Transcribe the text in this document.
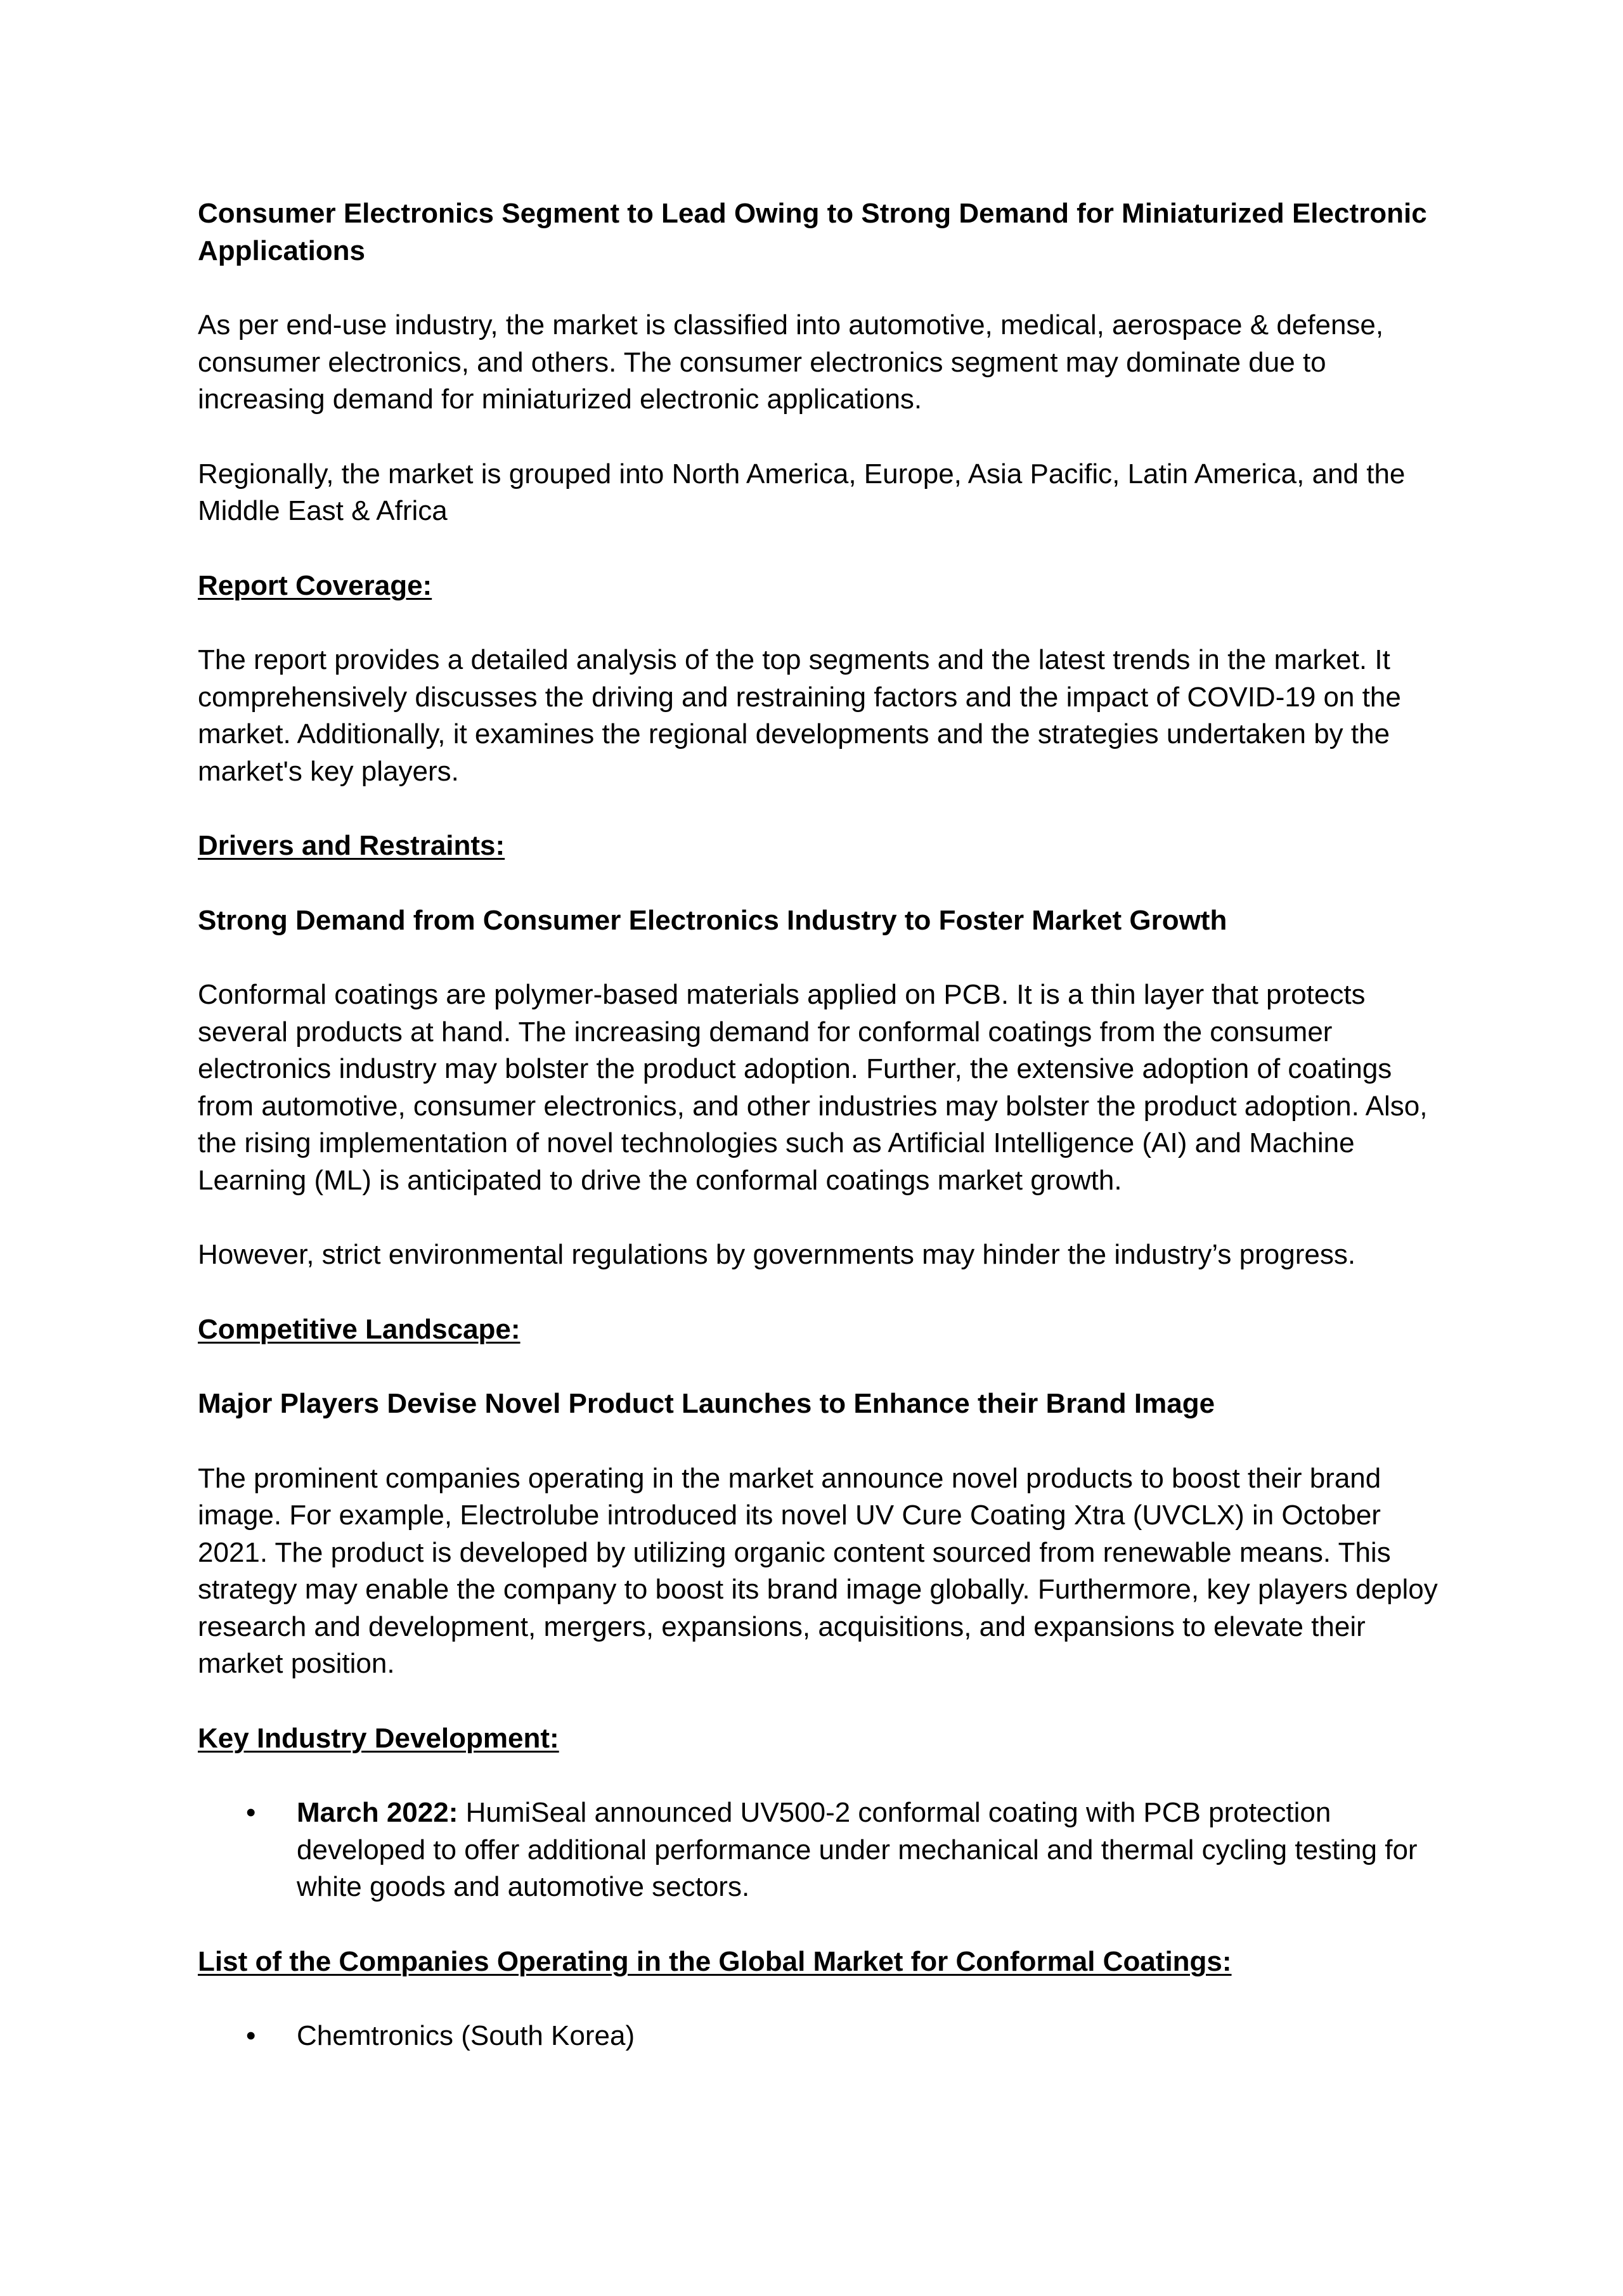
Consumer Electronics Segment to Lead Owing to Strong Demand for Miniaturized Electronic Applications

As per end-use industry, the market is classified into automotive, medical, aerospace & defense, consumer electronics, and others. The consumer electronics segment may dominate due to increasing demand for miniaturized electronic applications.

Regionally, the market is grouped into North America, Europe, Asia Pacific, Latin America, and the Middle East & Africa

Report Coverage:

The report provides a detailed analysis of the top segments and the latest trends in the market. It comprehensively discusses the driving and restraining factors and the impact of COVID-19 on the market. Additionally, it examines the regional developments and the strategies undertaken by the market's key players.

Drivers and Restraints:

Strong Demand from Consumer Electronics Industry to Foster Market Growth

Conformal coatings are polymer-based materials applied on PCB. It is a thin layer that protects several products at hand. The increasing demand for conformal coatings from the consumer electronics industry may bolster the product adoption. Further, the extensive adoption of coatings from automotive, consumer electronics, and other industries may bolster the product adoption. Also, the rising implementation of novel technologies such as Artificial Intelligence (AI) and Machine Learning (ML) is anticipated to drive the conformal coatings market growth.

However, strict environmental regulations by governments may hinder the industry’s progress.

Competitive Landscape:

Major Players Devise Novel Product Launches to Enhance their Brand Image

The prominent companies operating in the market announce novel products to boost their brand image. For example, Electrolube introduced its novel UV Cure Coating Xtra (UVCLX) in October 2021. The product is developed by utilizing organic content sourced from renewable means. This strategy may enable the company to boost its brand image globally. Furthermore, key players deploy research and development, mergers, expansions, acquisitions, and expansions to elevate their market position.

Key Industry Development:

• March 2022: HumiSeal announced UV500-2 conformal coating with PCB protection developed to offer additional performance under mechanical and thermal cycling testing for white goods and automotive sectors.

List of the Companies Operating in the Global Market for Conformal Coatings:

• Chemtronics (South Korea)
